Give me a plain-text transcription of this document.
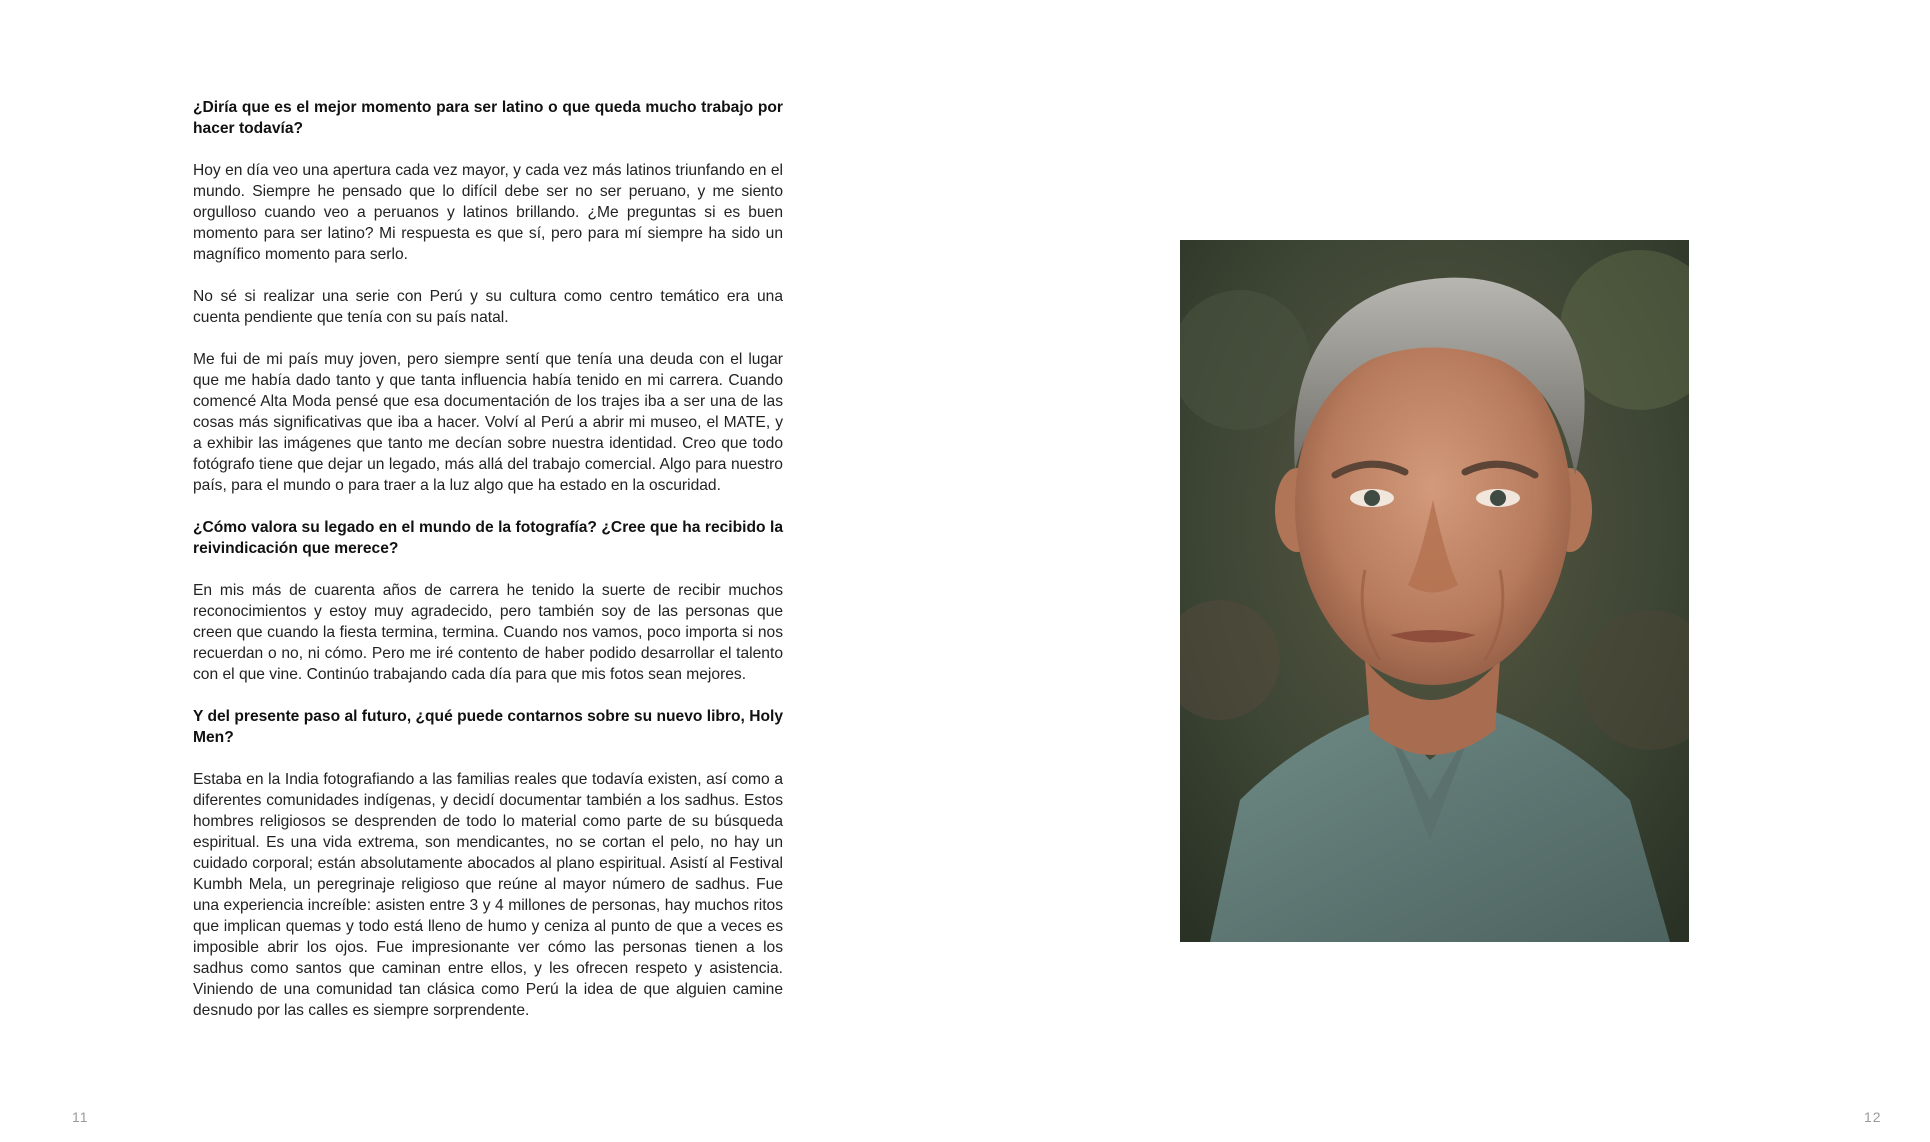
¿Diría que es el mejor momento para ser latino o que queda mucho trabajo por hacer todavía?

Hoy en día veo una apertura cada vez mayor, y cada vez más latinos triunfando en el mundo. Siempre he pensado que lo difícil debe ser no ser peruano, y me siento orgulloso cuando veo a peruanos y latinos brillando. ¿Me preguntas si es buen momento para ser latino? Mi respuesta es que sí, pero para mí siempre ha sido un magnífico momento para serlo.

No sé si realizar una serie con Perú y su cultura como centro temático era una cuenta pendiente que tenía con su país natal.

Me fui de mi país muy joven, pero siempre sentí que tenía una deuda con el lugar que me había dado tanto y que tanta influencia había tenido en mi carrera. Cuando comencé Alta Moda pensé que esa documentación de los trajes iba a ser una de las cosas más significativas que iba a hacer. Volví al Perú a abrir mi museo, el MATE, y a exhibir las imágenes que tanto me decían sobre nuestra identidad. Creo que todo fotógrafo tiene que dejar un legado, más allá del trabajo comercial. Algo para nuestro país, para el mundo o para traer a la luz algo que ha estado en la oscuridad.

¿Cómo valora su legado en el mundo de la fotografía? ¿Cree que ha recibido la reivindicación que merece?

En mis más de cuarenta años de carrera he tenido la suerte de recibir muchos reconocimientos y estoy muy agradecido, pero también soy de las personas que creen que cuando la fiesta termina, termina. Cuando nos vamos, poco importa si nos recuerdan o no, ni cómo. Pero me iré contento de haber podido desarrollar el talento con el que vine. Continúo trabajando cada día para que mis fotos sean mejores.

Y del presente paso al futuro, ¿qué puede contarnos sobre su nuevo libro, Holy Men?

Estaba en la India fotografiando a las familias reales que todavía existen, así como a diferentes comunidades indígenas, y decidí documentar también a los sadhus. Estos hombres religiosos se desprenden de todo lo material como parte de su búsqueda espiritual. Es una vida extrema, son mendicantes, no se cortan el pelo, no hay un cuidado corporal; están absolutamente abocados al plano espiritual. Asistí al Festival Kumbh Mela, un peregrinaje religioso que reúne al mayor número de sadhus. Fue una experiencia increíble: asisten entre 3 y 4 millones de personas, hay muchos ritos que implican quemas y todo está lleno de humo y ceniza al punto de que a veces es imposible abrir los ojos. Fue impresionante ver cómo las personas tienen a los sadhus como santos que caminan entre ellos, y les ofrecen respeto y asistencia. Viniendo de una comunidad tan clásica como Perú la idea de que alguien camine desnudo por las calles es siempre sorprendente.

11	12
